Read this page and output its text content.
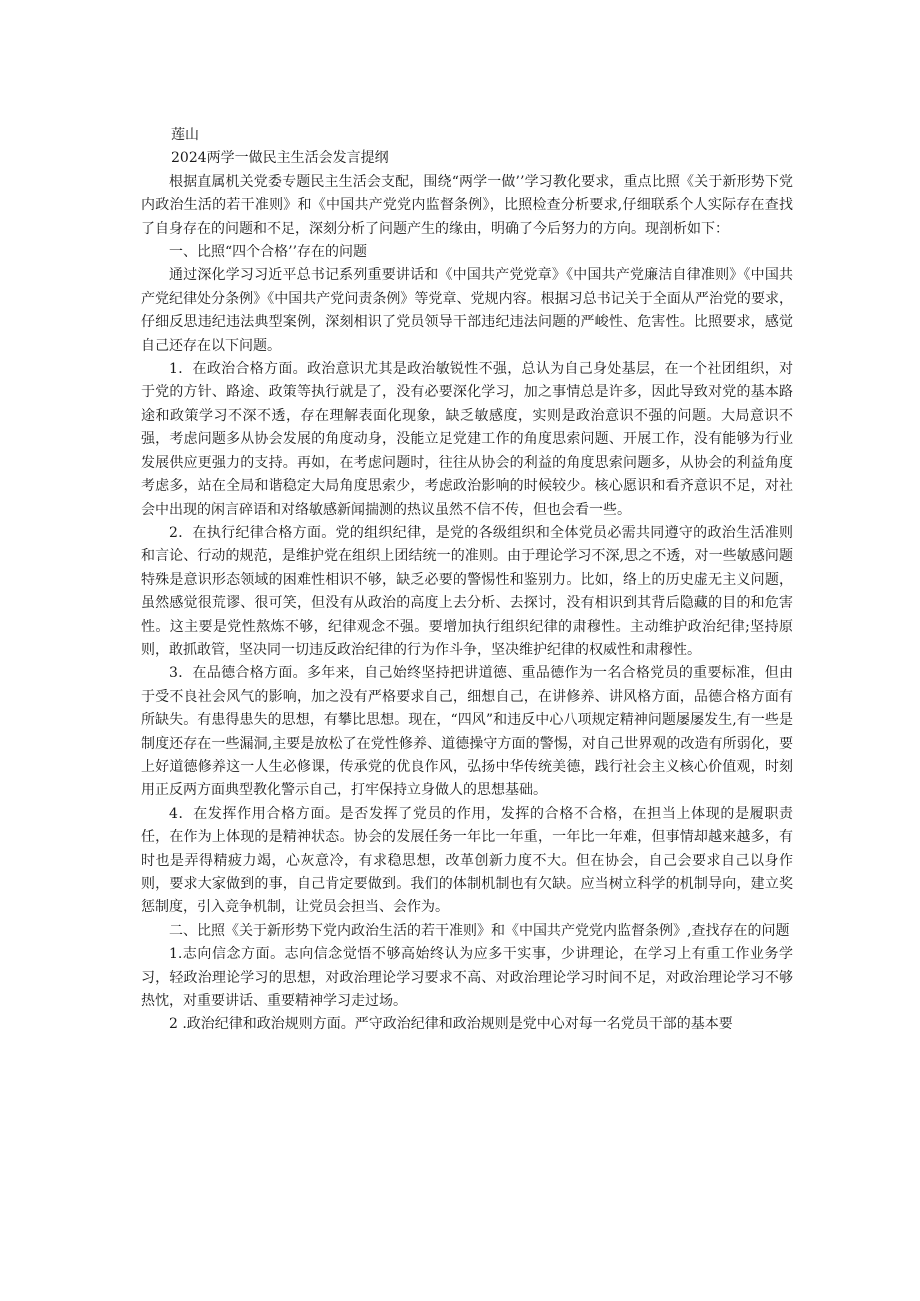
莲山

2024两学一做民主生活会发言提纲

根据直属机关党委专题民主生活会支配，围绕“两学一做’’学习教化要求，重点比照《关于新形势下党内政治生活的若干准则》和《中国共产党党内监督条例》，比照检查分析要求,仔细联系个人实际存在查找了自身存在的问题和不足，深刻分析了问题产生的缘由，明确了今后努力的方向。现剖析如下：

一、比照“四个合格’’存在的问题

通过深化学习习近平总书记系列重要讲话和《中国共产党党章》《中国共产党廉洁自律准则》《中国共产党纪律处分条例》《中国共产党问责条例》等党章、党规内容。根据习总书记关于全面从严治党的要求，仔细反思违纪违法典型案例，深刻相识了党员领导干部违纪违法问题的严峻性、危害性。比照要求，感觉自己还存在以下问题。

1．在政治合格方面。政治意识尤其是政治敏锐性不强，总认为自己身处基层，在一个社团组织，对于党的方针、路途、政策等执行就是了，没有必要深化学习，加之事情总是许多，因此导致对党的基本路途和政策学习不深不透，存在理解表面化现象，缺乏敏感度，实则是政治意识不强的问题。大局意识不强，考虑问题多从协会发展的角度动身，没能立足党建工作的角度思索问题、开展工作，没有能够为行业发展供应更强力的支持。再如，在考虑问题时，往往从协会的利益的角度思索问题多，从协会的利益角度考虑多，站在全局和谐稳定大局角度思索少，考虑政治影响的时候较少。核心愿识和看齐意识不足，对社会中出现的闲言碎语和对络敏感新闻揣测的热议虽然不信不传，但也会看一些。

2．在执行纪律合格方面。党的组织纪律，是党的各级组织和全体党员必需共同遵守的政治生活准则和言论、行动的规范，是维护党在组织上团结统一的准则。由于理论学习不深,思之不透，对一些敏感问题特殊是意识形态领域的困难性相识不够，缺乏必要的警惕性和鉴别力。比如，络上的历史虚无主义问题，虽然感觉很荒谬、很可笑，但没有从政治的高度上去分析、去探讨，没有相识到其背后隐藏的目的和危害性。这主要是党性熬炼不够，纪律观念不强。要增加执行组织纪律的肃穆性。主动维护政治纪律;坚持原则，敢抓敢管，坚决同一切违反政治纪律的行为作斗争，坚决维护纪律的权威性和肃穆性。

3．在品德合格方面。多年来，自己始终坚持把讲道德、重品德作为一名合格党员的重要标准，但由于受不良社会风气的影响，加之没有严格要求自己，细想自己，在讲修养、讲风格方面，品德合格方面有所缺失。有患得患失的思想，有攀比思想。现在，“四风”和违反中心八项规定精神问题屡屡发生,有一些是制度还存在一些漏洞,主要是放松了在党性修养、道德操守方面的警惕，对自己世界观的改造有所弱化，要上好道德修养这一人生必修课，传承党的优良作风，弘扬中华传统美德，践行社会主义核心价值观，时刻用正反两方面典型教化警示自己，打牢保持立身做人的思想基础。

4．在发挥作用合格方面。是否发挥了党员的作用，发挥的合格不合格，在担当上体现的是履职责任，在作为上体现的是精神状态。协会的发展任务一年比一年重，一年比一年难，但事情却越来越多，有时也是弄得精疲力竭，心灰意冷，有求稳思想，改革创新力度不大。但在协会，自己会要求自己以身作则，要求大家做到的事，自己肯定要做到。我们的体制机制也有欠缺。应当树立科学的机制导向，建立奖惩制度，引入竞争机制，让党员会担当、会作为。

二、比照《关于新形势下党内政治生活的若干准则》和《中国共产党党内监督条例》,查找存在的问题

1.志向信念方面。志向信念觉悟不够高始终认为应多干实事，少讲理论，在学习上有重工作业务学习，轻政治理论学习的思想，对政治理论学习要求不高、对政治理论学习时间不足，对政治理论学习不够热忱，对重要讲话、重要精神学习走过场。

2 .政治纪律和政治规则方面。严守政治纪律和政治规则是党中心对每一名党员干部的基本要
